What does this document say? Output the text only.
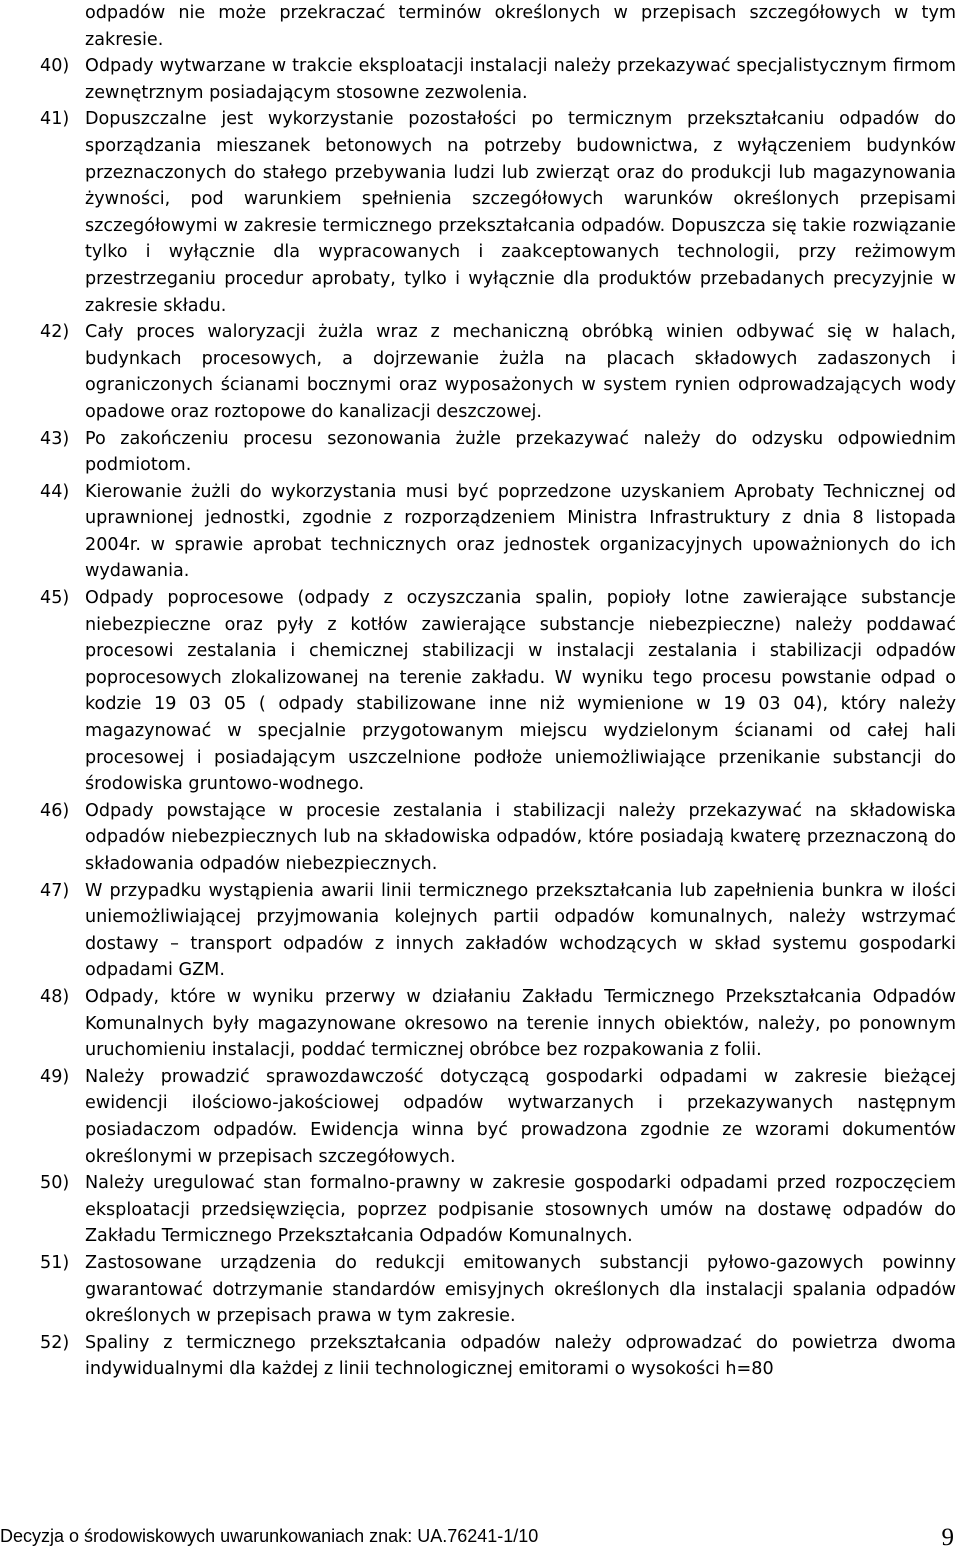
odpadów nie może przekraczać terminów określonych w przepisach szczegółowych w tym zakresie.

40) Odpady wytwarzane w trakcie eksploatacji instalacji należy przekazywać specjalistycznym firmom zewnętrznym posiadającym stosowne zezwolenia.

41) Dopuszczalne jest wykorzystanie pozostałości po termicznym przekształcaniu odpadów do sporządzania mieszanek betonowych na potrzeby budownictwa, z wyłączeniem budynków przeznaczonych do stałego przebywania ludzi lub zwierząt oraz do produkcji lub magazynowania żywności, pod warunkiem spełnienia szczegółowych warunków określonych przepisami szczegółowymi w zakresie termicznego przekształcania odpadów. Dopuszcza się takie rozwiązanie tylko i wyłącznie dla wypracowanych i zaakceptowanych technologii, przy reżimowym przestrzeganiu procedur aprobaty, tylko i wyłącznie dla produktów przebadanych precyzyjnie w zakresie składu.

42) Cały proces waloryzacji żużla wraz z mechaniczną obróbką winien odbywać się w halach, budynkach procesowych, a dojrzewanie żużla na placach składowych zadaszonych i ograniczonych ścianami bocznymi oraz wyposażonych w system rynien odprowadzających wody opadowe oraz roztopowe do kanalizacji deszczowej.

43) Po zakończeniu procesu sezonowania żużle przekazywać należy do odzysku odpowiednim podmiotom.

44) Kierowanie żużli do wykorzystania musi być poprzedzone uzyskaniem Aprobaty Technicznej od uprawnionej jednostki, zgodnie z rozporządzeniem Ministra Infrastruktury z dnia 8 listopada 2004r. w sprawie aprobat technicznych oraz jednostek organizacyjnych upoważnionych do ich wydawania.

45) Odpady poprocesowe (odpady z oczyszczania spalin, popioły lotne zawierające substancje niebezpieczne oraz pyły z kotłów zawierające substancje niebezpieczne) należy poddawać procesowi zestalania i chemicznej stabilizacji w instalacji zestalania i stabilizacji odpadów poprocesowych zlokalizowanej na terenie zakładu. W wyniku tego procesu powstanie odpad o kodzie 19 03 05 ( odpady stabilizowane inne niż wymienione w 19 03 04), który należy magazynować w specjalnie przygotowanym miejscu wydzielonym ścianami od całej hali procesowej i posiadającym uszczelnione podłoże uniemożliwiające przenikanie substancji do środowiska gruntowo-wodnego.

46) Odpady powstające w procesie zestalania i stabilizacji należy przekazywać na składowiska odpadów niebezpiecznych lub na składowiska odpadów, które posiadają kwaterę przeznaczoną do składowania odpadów niebezpiecznych.

47) W przypadku wystąpienia awarii linii termicznego przekształcania lub zapełnienia bunkra w ilości uniemożliwiającej przyjmowania kolejnych partii odpadów komunalnych, należy wstrzymać dostawy – transport odpadów z innych zakładów wchodzących w skład systemu gospodarki odpadami GZM.

48) Odpady, które w wyniku przerwy w działaniu Zakładu Termicznego Przekształcania Odpadów Komunalnych były magazynowane okresowo na terenie innych obiektów, należy, po ponownym uruchomieniu instalacji, poddać termicznej obróbce bez rozpakowania z folii.

49) Należy prowadzić sprawozdawczość dotyczącą gospodarki odpadami w zakresie bieżącej ewidencji ilościowo-jakościowej odpadów wytwarzanych i przekazywanych następnym posiadaczom odpadów. Ewidencja winna być prowadzona zgodnie ze wzorami dokumentów określonymi w przepisach szczegółowych.

50) Należy uregulować stan formalno-prawny w zakresie gospodarki odpadami przed rozpoczęciem eksploatacji przedsięwzięcia, poprzez podpisanie stosownych umów na dostawę odpadów do Zakładu Termicznego Przekształcania Odpadów Komunalnych.

51) Zastosowane urządzenia do redukcji emitowanych substancji pyłowo-gazowych powinny gwarantować dotrzymanie standardów emisyjnych określonych dla instalacji spalania odpadów określonych w przepisach prawa w tym zakresie.

52) Spaliny z termicznego przekształcania odpadów należy odprowadzać do powietrza dwoma indywidualnymi dla każdej z linii technologicznej emitorami o wysokości h=80

Decyzja o środowiskowych uwarunkowaniach znak: UA.76241-1/10	9
